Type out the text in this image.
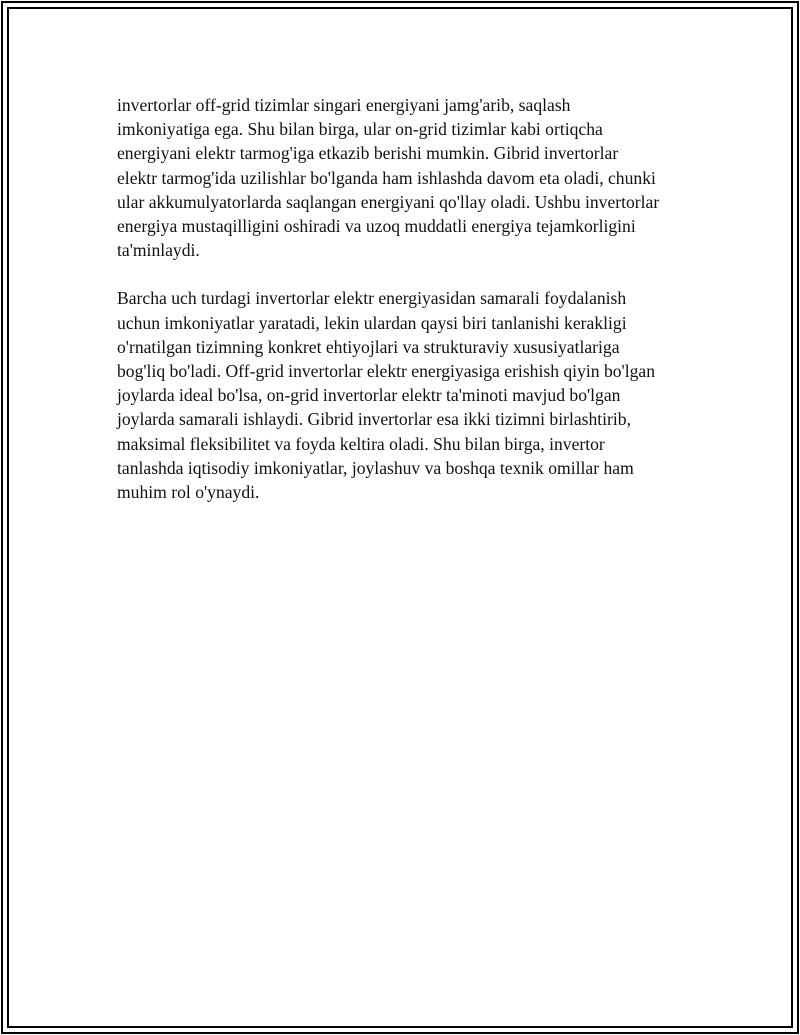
invertorlar off-grid tizimlar singari energiyani jamg'arib, saqlash
imkoniyatiga ega. Shu bilan birga, ular on-grid tizimlar kabi ortiqcha
energiyani elektr tarmog'iga etkazib berishi mumkin. Gibrid invertorlar
elektr tarmog'ida uzilishlar bo'lganda ham ishlashda davom eta oladi, chunki
ular akkumulyatorlarda saqlangan energiyani qo'llay oladi. Ushbu invertorlar
energiya mustaqilligini oshiradi va uzoq muddatli energiya tejamkorligini
ta'minlaydi.

Barcha uch turdagi invertorlar elektr energiyasidan samarali foydalanish
uchun imkoniyatlar yaratadi, lekin ulardan qaysi biri tanlanishi kerakligi
o'rnatilgan tizimning konkret ehtiyojlari va strukturaviy xususiyatlariga
bog'liq bo'ladi. Off-grid invertorlar elektr energiyasiga erishish qiyin bo'lgan
joylarda ideal bo'lsa, on-grid invertorlar elektr ta'minoti mavjud bo'lgan
joylarda samarali ishlaydi. Gibrid invertorlar esa ikki tizimni birlashtirib,
maksimal fleksibilitet va foyda keltira oladi. Shu bilan birga, invertor
tanlashda iqtisodiy imkoniyatlar, joylashuv va boshqa texnik omillar ham
muhim rol o'ynaydi.
